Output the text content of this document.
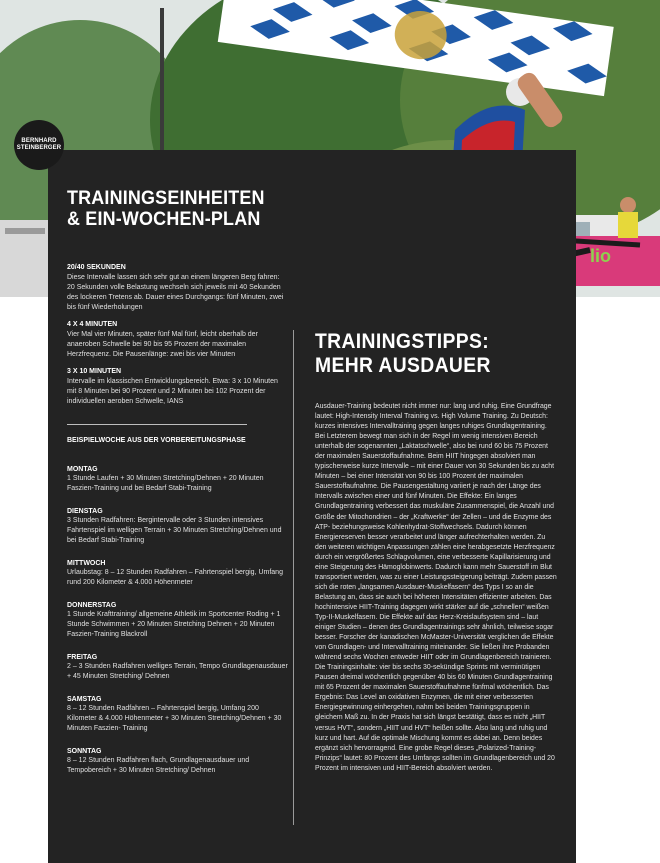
lio
BERNHARD
STEINBERGER
TRAININGSEINHEITEN
& EIN-WOCHEN-PLAN
20/40 SEKUNDEN
Diese Intervalle lassen sich sehr gut an einem längeren Berg fahren: 20 Sekunden volle Belastung wechseln sich jeweils mit 40 Sekunden des lockeren Tretens ab. Dauer eines Durchgangs: fünf Minuten, zwei bis fünf Wiederholungen
4 X 4 MINUTEN
Vier Mal vier Minuten, später fünf Mal fünf, leicht oberhalb der anaeroben Schwelle bei 90 bis 95 Prozent der maximalen Herzfrequenz. Die Pausenlänge: zwei bis vier Minuten
3 X 10 MINUTEN
Intervalle im klassischen Entwicklungsbereich. Etwa: 3 x 10 Minuten mit 8 Minuten bei 90 Prozent und 2 Minuten bei 102 Prozent der individuellen aeroben Schwelle, IANS
BEISPIELWOCHE AUS DER VORBEREITUNGSPHASE
MONTAG
1 Stunde Laufen + 30 Minuten Stretching/Dehnen + 20 Minuten Faszien-Training und bei Bedarf Stabi-Training
DIENSTAG
3 Stunden Radfahren: Bergintervalle oder 3 Stunden intensives Fahrtenspiel im welligen Terrain + 30 Minuten Stretching/Dehnen und bei Bedarf Stabi-Training
MITTWOCH
Urlaubstag: 8 – 12 Stunden Radfahren – Fahrtenspiel bergig, Umfang rund 200 Kilometer & 4.000 Höhenmeter
DONNERSTAG
1 Stunde Krafttraining/ allgemeine Athletik im Sportcenter Roding + 1 Stunde Schwimmen + 20 Minuten Stretching Dehnen + 20 Minuten Faszien-Training Blackroll
FREITAG
2 – 3 Stunden Radfahren welliges Terrain, Tempo Grundlagenausdauer + 45 Minuten Stretching/ Dehnen
SAMSTAG
8 – 12 Stunden Radfahren – Fahrtenspiel bergig, Umfang 200 Kilometer & 4.000 Höhenmeter + 30 Minuten Stretching/Dehnen + 30 Minuten Faszien- Training
SONNTAG
8 – 12 Stunden Radfahren flach, Grundlagenausdauer und Tempobereich + 30 Minuten Stretching/ Dehnen
TRAININGSTIPPS:
MEHR AUSDAUER

Ausdauer-Training bedeutet nicht immer nur: lang und ruhig. Eine Grundfrage lautet: High-Intensity Interval Training vs. High Volume Training. Zu Deutsch: kurzes intensives Intervalltraining gegen langes ruhiges Grundlagentraining. Bei Letzterem bewegt man sich in der Regel im wenig intensiven Bereich unterhalb der sogenannten „Laktatschwelle“, also bei rund 60 bis 75 Prozent der maximalen Sauerstoffaufnahme. Beim HIIT hingegen absolviert man typischerweise kurze Intervalle – mit einer Dauer von 30 Sekunden bis zu acht Minuten – bei einer Intensität von 90 bis 100 Prozent der maximalen Sauerstoffaufnahme. Die Pausengestaltung variiert je nach der Länge des Intervalls zwischen einer und fünf Minuten. Die Effekte: Ein langes Grundlagentraining verbessert das muskuläre Zusammenspiel, die Anzahl und Größe der Mitochondrien – der „Kraftwerke“ der Zellen – und die Enzyme des ATP- beziehungsweise Kohlenhydrat-Stoffwechsels. Dadurch können Energiereserven besser verarbeitet und länger aufrechterhalten werden. Zu den weiteren wichtigen Anpassungen zählen eine herabgesetzte Herzfrequenz durch ein vergrößertes Schlagvolumen, eine verbesserte Kapillarisierung und eine Steigerung des Hämoglobinwerts. Dadurch kann mehr Sauerstoff im Blut transportiert werden, was zu einer Leistungssteigerung beiträgt. Zudem passen sich die roten „langsamen Ausdauer-Muskelfasern“ des Typs I so an die Belastung an, dass sie auch bei höheren Intensitäten effizienter arbeiten. Das hochintensive HIIT-Training dagegen wirkt stärker auf die „schnellen“ weißen Typ-II-Muskelfasern. Die Effekte auf das Herz-Kreislaufsystem sind – laut einiger Studien – denen des Grundlagentrainings sehr ähnlich, teilweise sogar besser. Forscher der kanadischen McMaster-Universität verglichen die Effekte von Grundlagen- und Intervalltraining miteinander. Sie ließen ihre Probanden während sechs Wochen entweder HIIT oder im Grundlagenbereich trainieren. Die Trainingsinhalte: vier bis sechs 30-sekündige Sprints mit verminütigen Pausen dreimal wöchentlich gegenüber 40 bis 60 Minuten Grundlagentraining mit 65 Prozent der maximalen Sauerstoffaufnahme fünfmal wöchentlich. Das Ergebnis: Das Level an oxidativen Enzymen, die mit einer verbesserten Energiegewinnung einhergehen, nahm bei beiden Trainingsgruppen in gleichem Maß zu. In der Praxis hat sich längst bestätigt, dass es nicht „HIIT versus HVT“, sondern „HIIT und HVT“ heißen sollte. Also lang und ruhig und kurz und hart. Auf die optimale Mischung kommt es dabei an. Denn beides ergänzt sich hervorragend. Eine grobe Regel dieses „Polarized-Training-Prinzips“ lautet: 80 Prozent des Umfangs sollten im Grundlagenbereich und 20 Prozent im intensiven und HIIT-Bereich absolviert werden.
